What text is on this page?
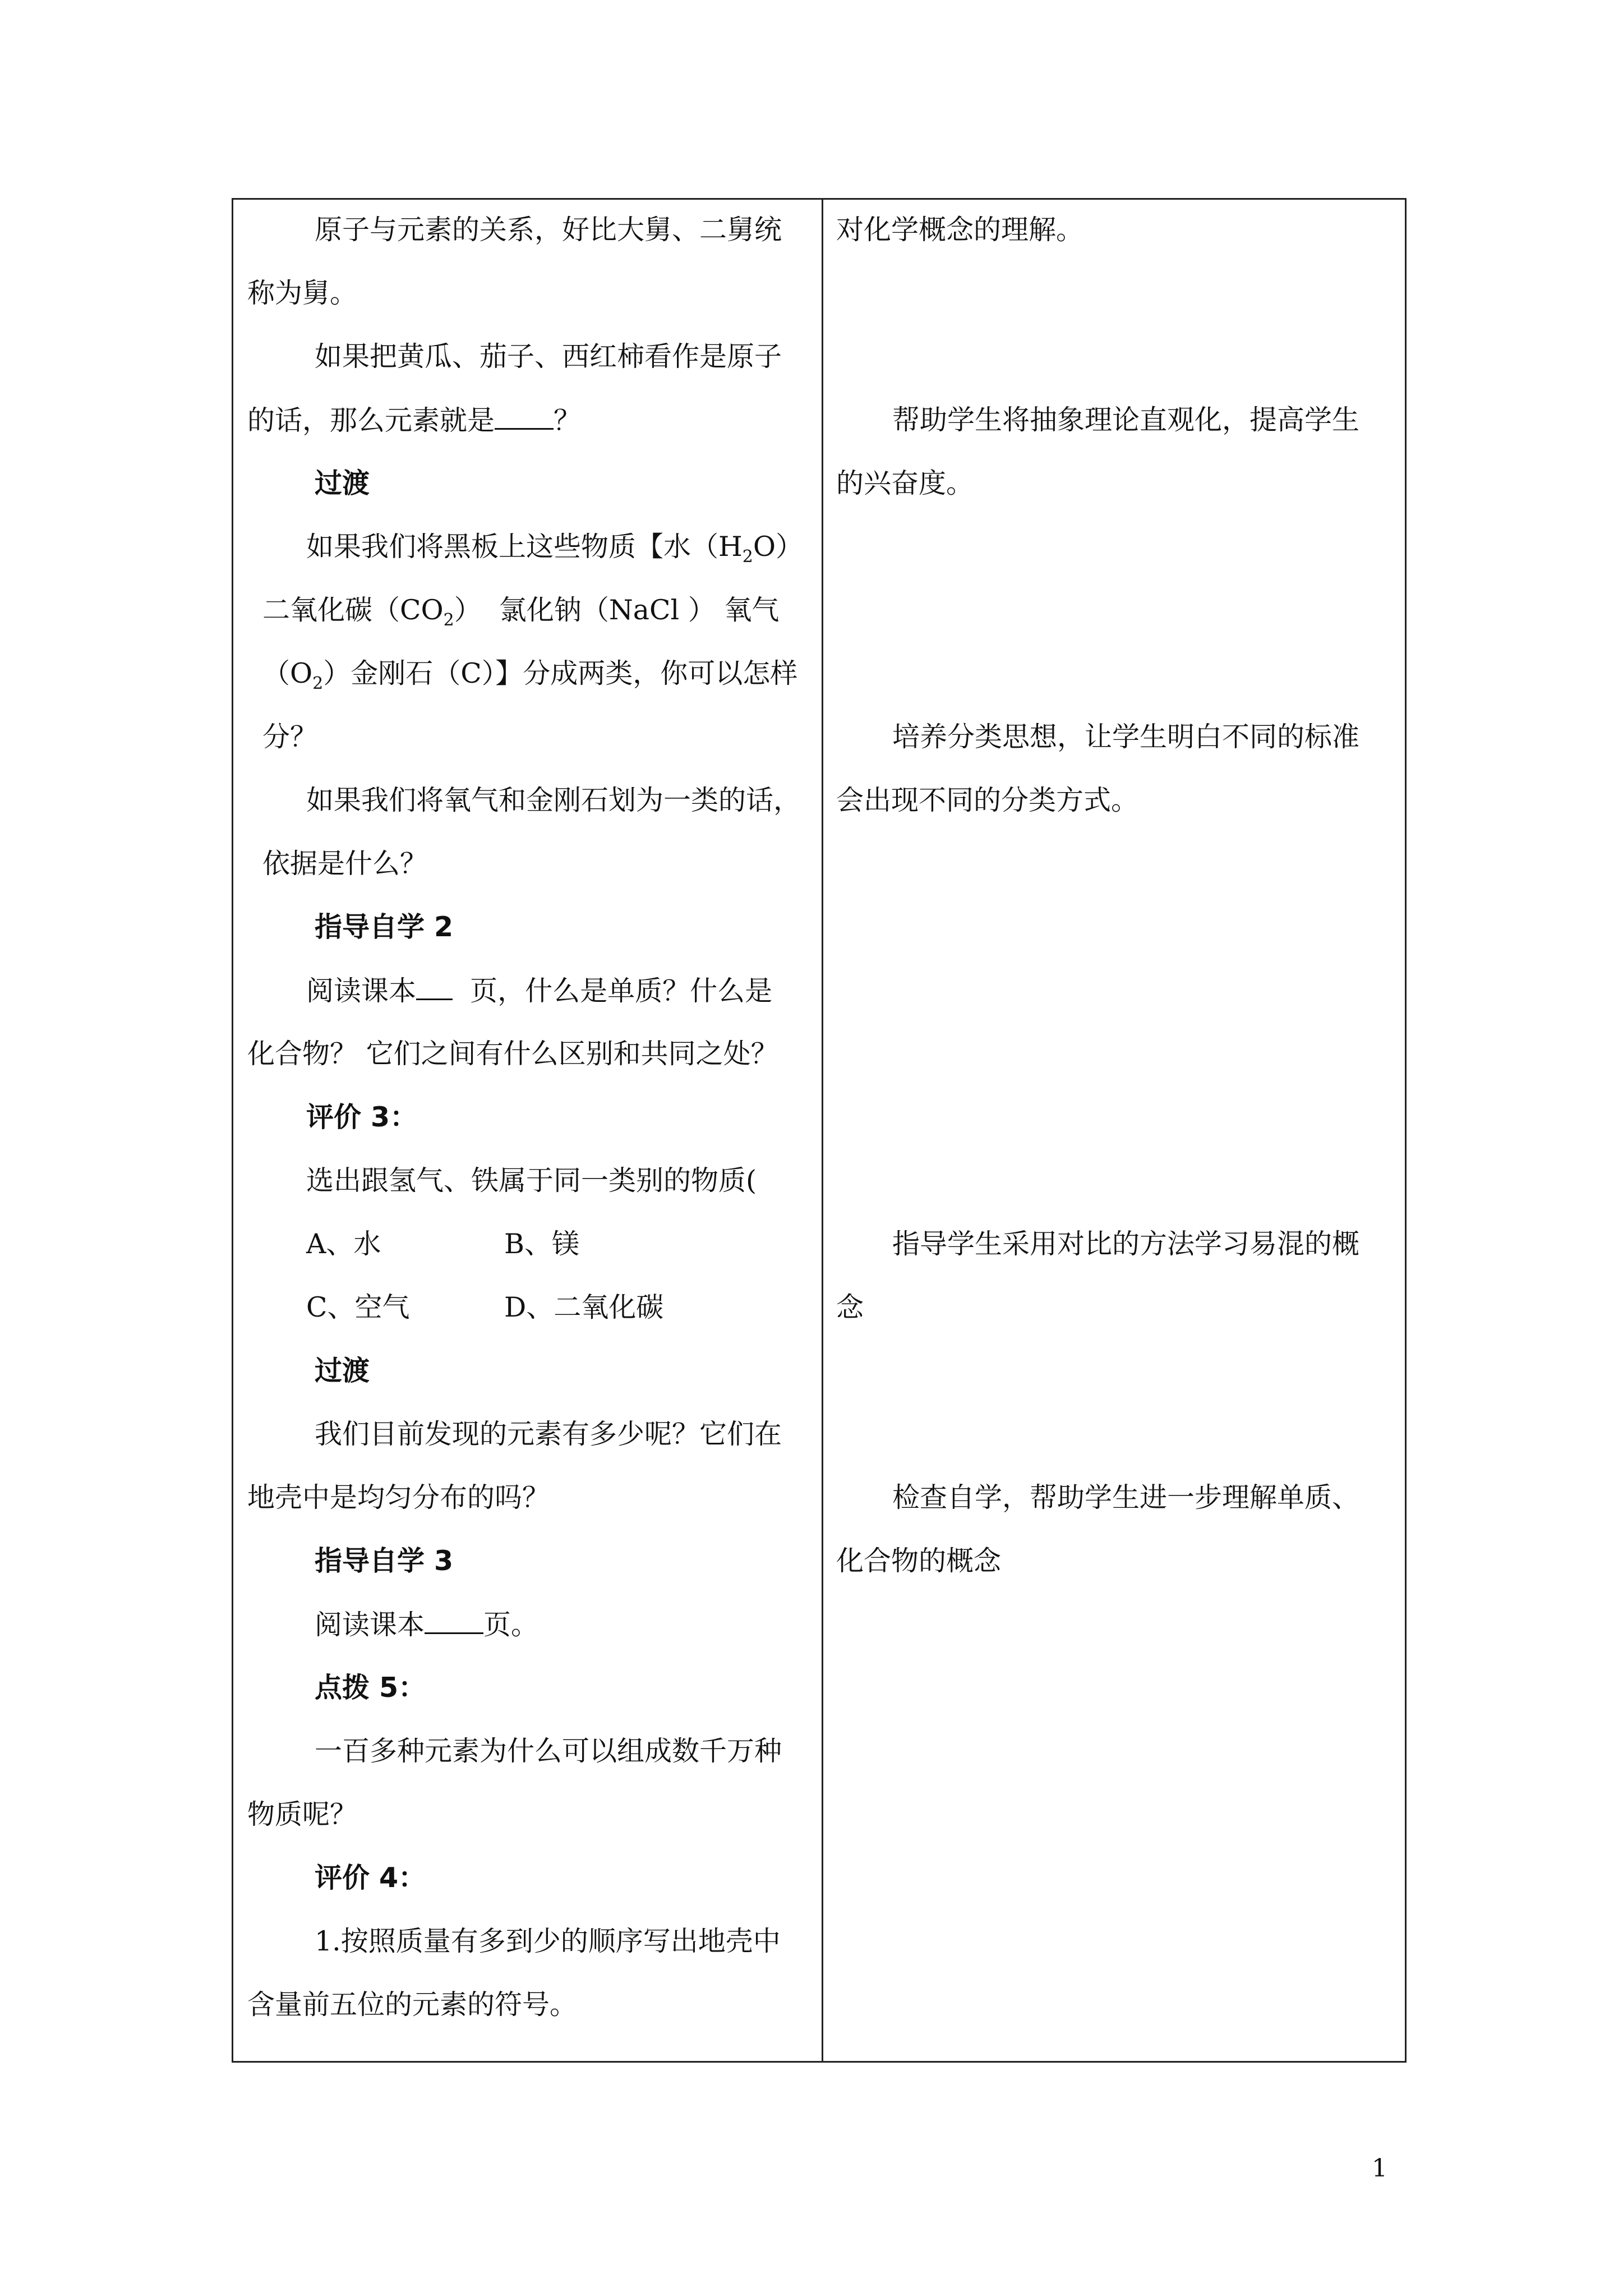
原子与元素的关系，好比大舅、二舅统
称为舅。
如果把黄瓜、茄子、西红柿看作是原子
的话，那么元素就是 ？
过渡
如果我们将黑板上这些物质【水$(H_2O)$
二氧化碳$(CO_2)$  氯化钠（NaCl ） 氧气
$(O_2)$金刚石（C）】分成两类，你可以怎样
分？
如果我们将氧气和金刚石划为一类的话，
依据是什么？
指导自学 2
阅读课本  页，什么是单质？什么是
化合物？ 它们之间有什么区别和共同之处？
评价 3：
选出跟氢气、铁属于同一类别的物质(
A、水	B、镁
C、空气	D、二氧化碳
过渡
我们目前发现的元素有多少呢？它们在
地壳中是均匀分布的吗？
指导自学 3
阅读课本 页。
点拨 5：
一百多种元素为什么可以组成数千万种
物质呢？
评价 4：
1.按照质量有多到少的顺序写出地壳中
含量前五位的元素的符号。
对化学概念的理解。
帮助学生将抽象理论直观化，提高学生
的兴奋度。
培养分类思想，让学生明白不同的标准
会出现不同的分类方式。
指导学生采用对比的方法学习易混的概
念
检查自学，帮助学生进一步理解单质、
化合物的概念
1
